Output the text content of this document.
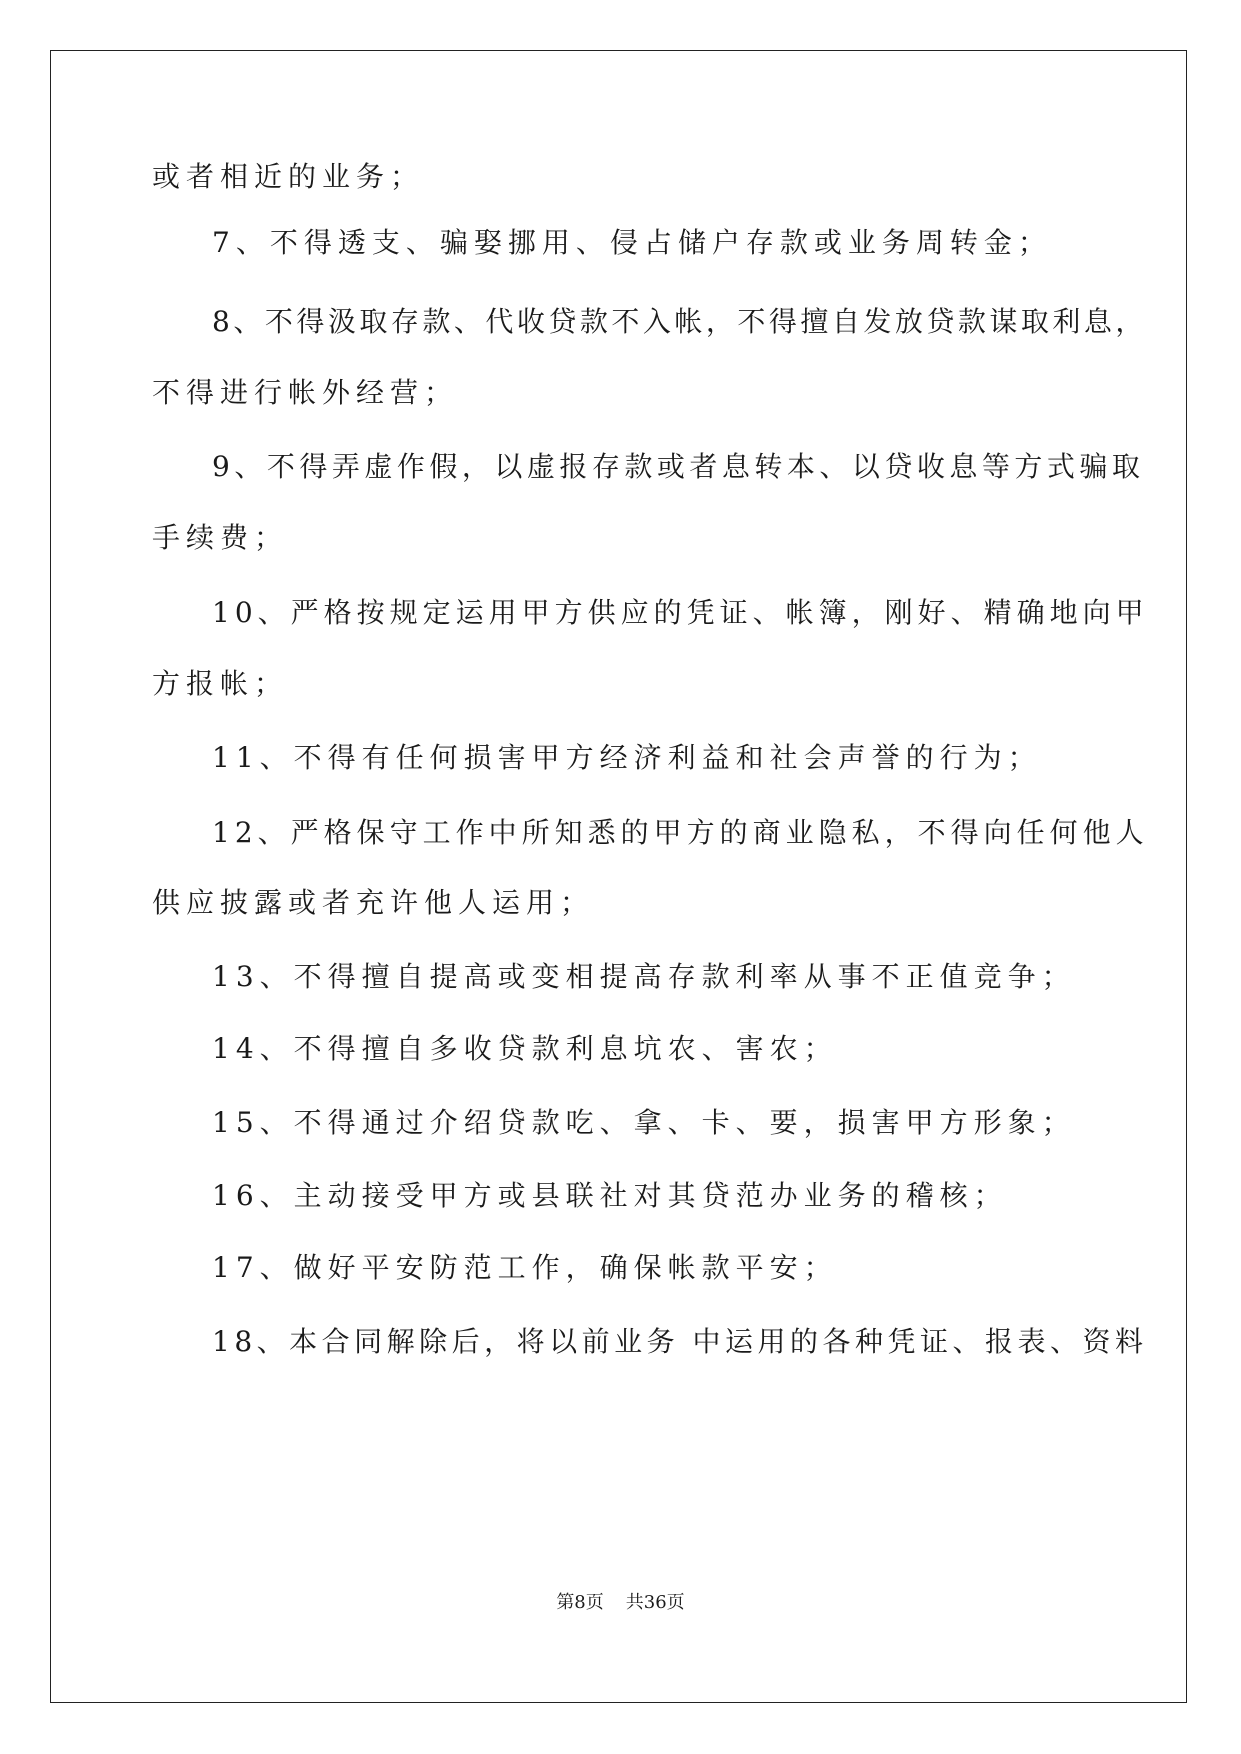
或者相近的业务；
7、不得透支、骗娶挪用、侵占储户存款或业务周转金；
8、不得汲取存款、代收贷款不入帐，不得擅自发放贷款谋取利息，
不得进行帐外经营；
9、不得弄虚作假，以虚报存款或者息转本、以贷收息等方式骗取
手续费；
10、严格按规定运用甲方供应的凭证、帐簿，刚好、精确地向甲
方报帐；
11、不得有任何损害甲方经济利益和社会声誉的行为；
12、严格保守工作中所知悉的甲方的商业隐私，不得向任何他人
供应披露或者充许他人运用；
13、不得擅自提高或变相提高存款利率从事不正值竞争；
14、不得擅自多收贷款利息坑农、害农；
15、不得通过介绍贷款吃、拿、卡、要，损害甲方形象；
16、主动接受甲方或县联社对其贷范办业务的稽核；
17、做好平安防范工作，确保帐款平安；
18、本合同解除后，将以前业务 中运用的各种凭证、报表、资料
第8页 共36页
